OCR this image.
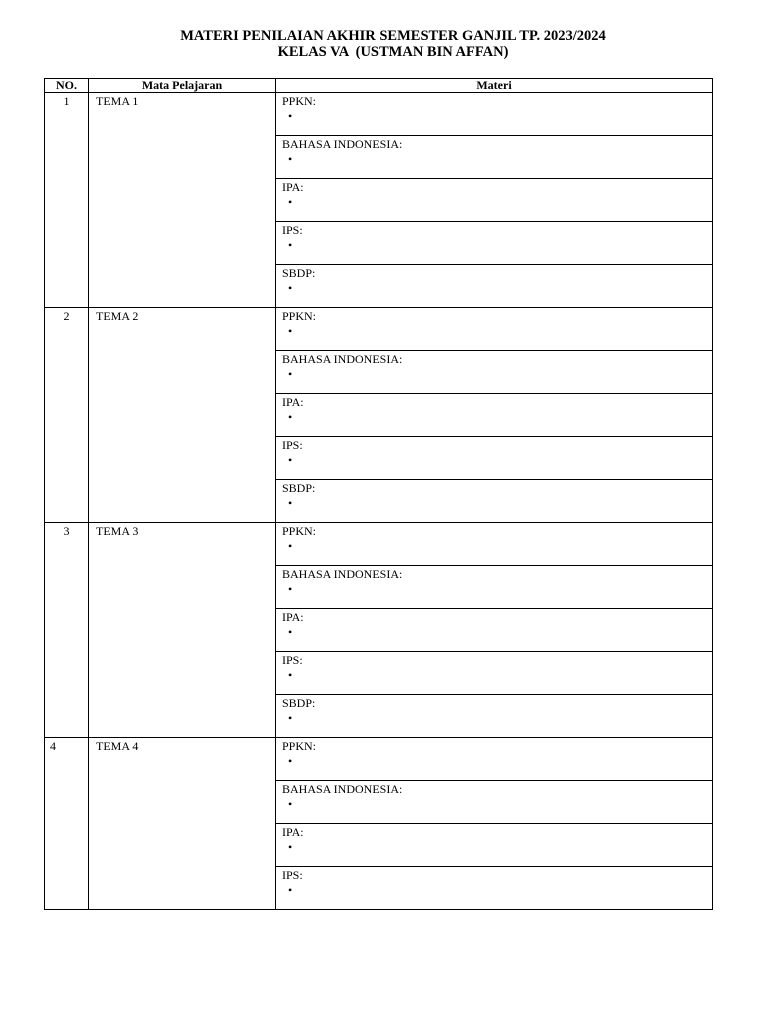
MATERI PENILAIAN AKHIR SEMESTER GANJIL TP. 2023/2024
KELAS VA  (USTMAN BIN AFFAN)
NO.	Mata Pelajaran	Materi
1	TEMA 1	PPKN:
•

		BAHASA INDONESIA:
•

		IPA:
•

		IPS:
•

		SBDP:
•

2	TEMA 2	PPKN:
•

		BAHASA INDONESIA:
•

		IPA:
•

		IPS:
•

		SBDP:
•

3	TEMA 3	PPKN:
•

		BAHASA INDONESIA:
•

		IPA:
•

		IPS:
•

		SBDP:
•

4	TEMA 4	PPKN:
•

		BAHASA INDONESIA:
•

		IPA:
•

		IPS:
•
